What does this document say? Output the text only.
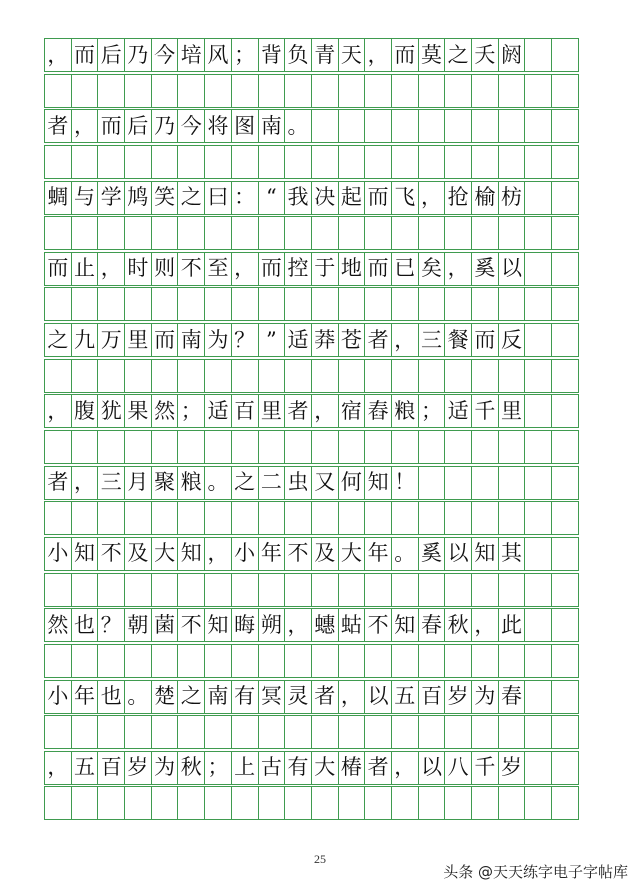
， 而 后 乃 今 培 风 ； 背 负 青 天 ， 而 莫 之 夭 阏
者 ， 而 后 乃 今 将 图 南 。
蜩 与 学 鸠 笑 之 曰 ： “ 我 决 起 而 飞 ， 抢 榆 枋
而 止 ， 时 则 不 至 ， 而 控 于 地 而 已 矣 ， 奚 以
之 九 万 里 而 南 为 ？ ” 适 莽 苍 者 ， 三 餐 而 反
， 腹 犹 果 然 ； 适 百 里 者 ， 宿 舂 粮 ； 适 千 里
者 ， 三 月 聚 粮 。 之 二 虫 又 何 知 ！
小 知 不 及 大 知 ， 小 年 不 及 大 年 。 奚 以 知 其
然 也 ？ 朝 菌 不 知 晦 朔 ， 蟪 蛄 不 知 春 秋 ， 此
小 年 也 。 楚 之 南 有 冥 灵 者 ， 以 五 百 岁 为 春
， 五 百 岁 为 秋 ； 上 古 有 大 椿 者 ， 以 八 千 岁
25
头条 @天天练字电子字帖库
